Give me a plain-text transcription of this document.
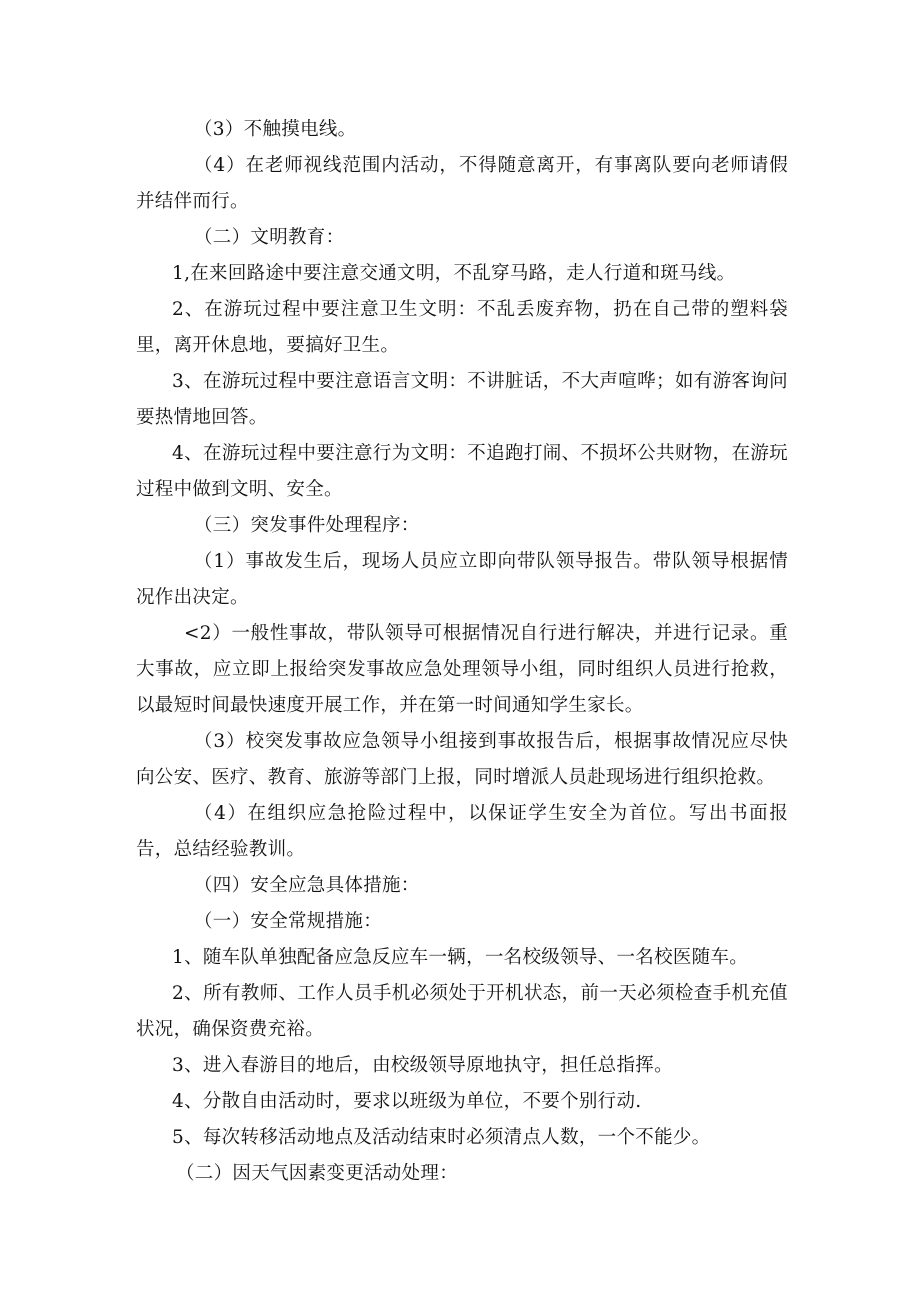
（3）不触摸电线。

（4）在老师视线范围内活动，不得随意离开，有事离队要向老师请假并结伴而行。

（二）文明教育：

1,在来回路途中要注意交通文明，不乱穿马路，走人行道和斑马线。

2、在游玩过程中要注意卫生文明：不乱丢废弃物，扔在自己带的塑料袋里，离开休息地，要搞好卫生。

3、在游玩过程中要注意语言文明：不讲脏话，不大声喧哗；如有游客询问要热情地回答。

4、在游玩过程中要注意行为文明：不追跑打闹、不损坏公共财物，在游玩过程中做到文明、安全。

（三）突发事件处理程序：

（1）事故发生后，现场人员应立即向带队领导报告。带队领导根据情况作出决定。

<2）一般性事故，带队领导可根据情况自行进行解决，并进行记录。重大事故，应立即上报给突发事故应急处理领导小组，同时组织人员进行抢救，以最短时间最快速度开展工作，并在第一时间通知学生家长。

（3）校突发事故应急领导小组接到事故报告后，根据事故情况应尽快向公安、医疗、教育、旅游等部门上报，同时增派人员赴现场进行组织抢救。

（4）在组织应急抢险过程中，以保证学生安全为首位。写出书面报告，总结经验教训。

（四）安全应急具体措施：

（一）安全常规措施：

1、随车队单独配备应急反应车一辆，一名校级领导、一名校医随车。

2、所有教师、工作人员手机必须处于开机状态，前一天必须检查手机充值状况，确保资费充裕。

3、进入春游目的地后，由校级领导原地执守，担任总指挥。

4、分散自由活动时，要求以班级为单位，不要个别行动.

5、每次转移活动地点及活动结束时必须清点人数，一个不能少。

（二）因天气因素变更活动处理：
